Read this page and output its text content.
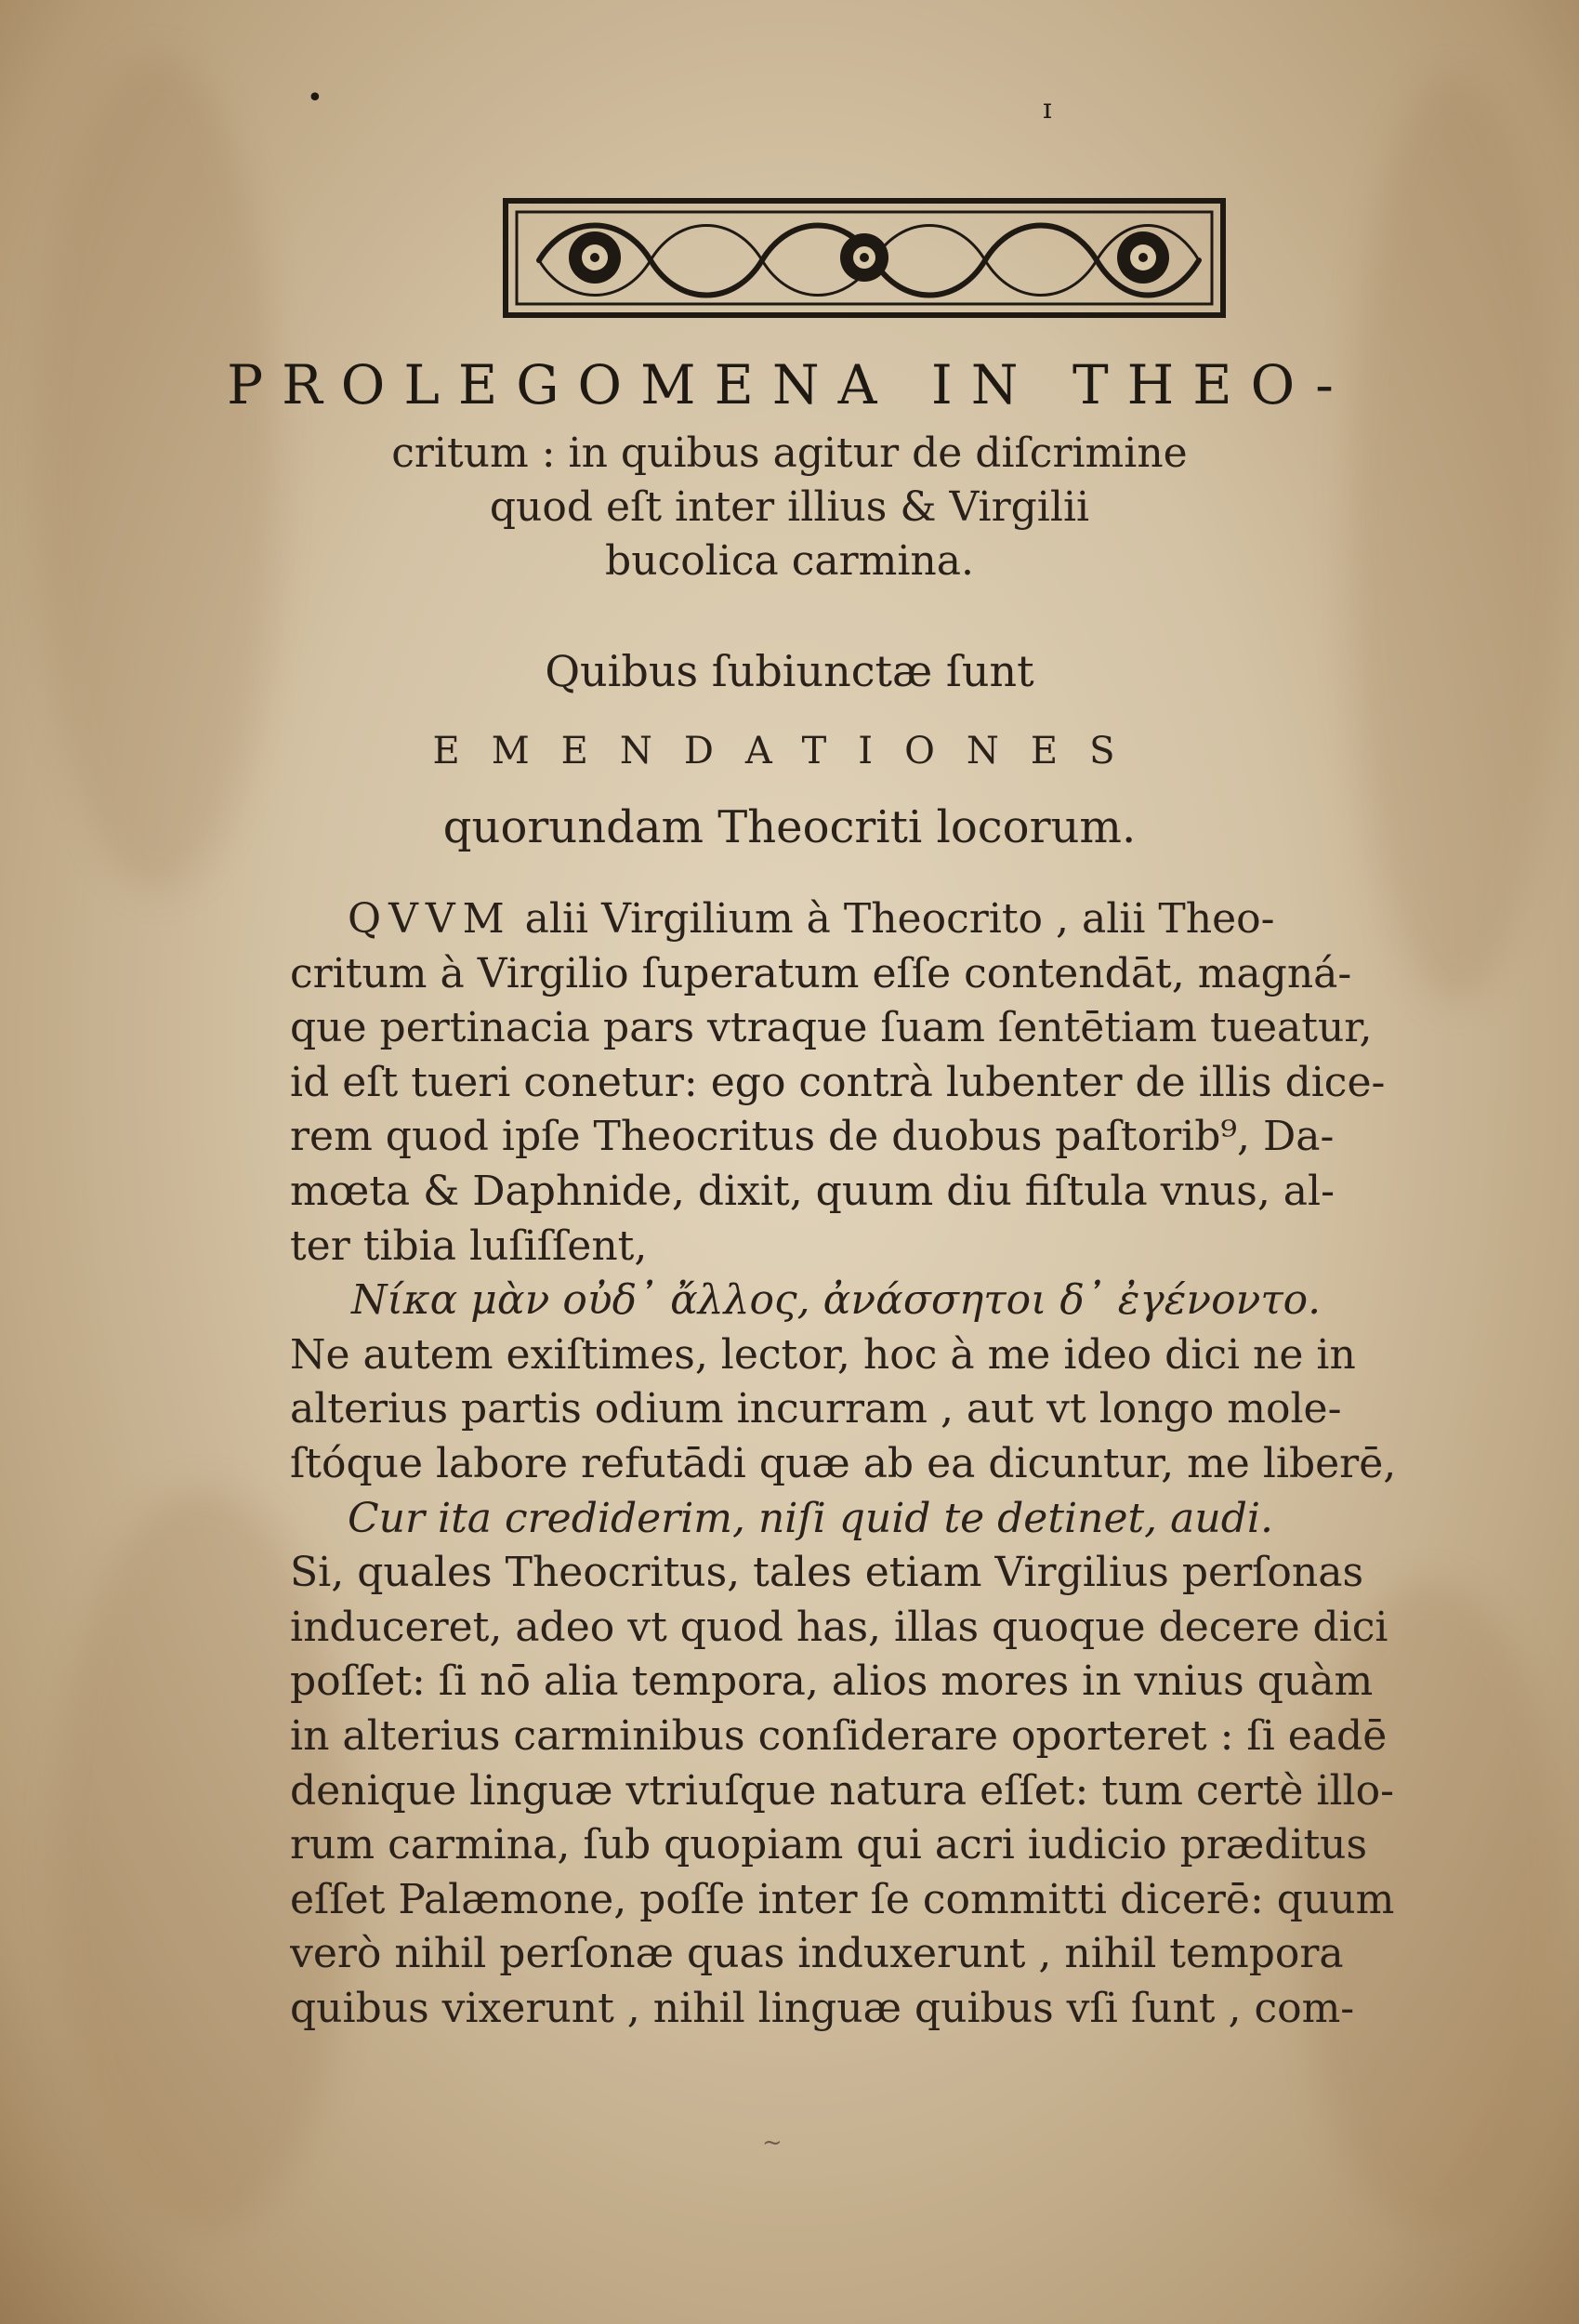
•	ɪ
PROLEGOMENA IN THEO-
critum : in quibus agitur de diſcrimine
quod eſt inter illius & Virgilii
bucolica carmina.
Quibus ſubiunctæ ſunt
EMENDATIONES
quorundam Theocriti locorum.
QVVM alii Virgilium à Theocrito , alii Theo-
critum à Virgilio ſuperatum eſſe contendāt, magná-
que pertinacia pars vtraque ſuam ſentētiam tueatur,
id eſt tueri conetur: ego contrà lubenter de illis dice-
rem quod ipſe Theocritus de duobus paſtorib⁹, Da-
mœta & Daphnide, dixit, quum diu fiſtula vnus, al-
ter tibia luſiſſent,
Νίκα μὰν οὐδ᾽ ἄλλος, ἀνάσσητοι δ᾽ ἐγένοντο.
Ne autem exiſtimes, lector, hoc à me ideo dici ne in
alterius partis odium incurram , aut vt longo mole-
ſtóque labore refutādi quæ ab ea dicuntur, me liberē,
Cur ita crediderim, niſi quid te detinet, audi.
Si, quales Theocritus, tales etiam Virgilius perſonas
induceret, adeo vt quod has, illas quoque decere dici
poſſet: ſi nō alia tempora, alios mores in vnius quàm
in alterius carminibus conſiderare oporteret : ſi eadē
denique linguæ vtriuſque natura eſſet: tum certè illo-
rum carmina, ſub quopiam qui acri iudicio præditus
eſſet Palæmone, poſſe inter ſe committi dicerē: quum
verò nihil perſonæ quas induxerunt , nihil tempora
quibus vixerunt , nihil linguæ quibus vſi ſunt , com-
~
